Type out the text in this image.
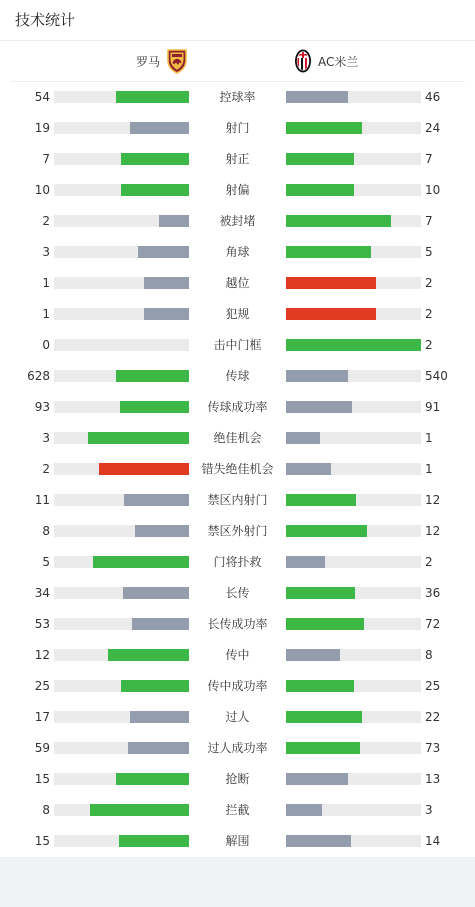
技术统计
罗马	AC米兰
54	控球率	46
19	射门	24
7	射正	7
10	射偏	10
2	被封堵	7
3	角球	5
1	越位	2
1	犯规	2
0	击中门框	2
628	传球	540
93	传球成功率	91
3	绝佳机会	1
2	错失绝佳机会	1
11	禁区内射门	12
8	禁区外射门	12
5	门将扑救	2
34	长传	36
53	长传成功率	72
12	传中	8
25	传中成功率	25
17	过人	22
59	过人成功率	73
15	抢断	13
8	拦截	3
15	解围	14
